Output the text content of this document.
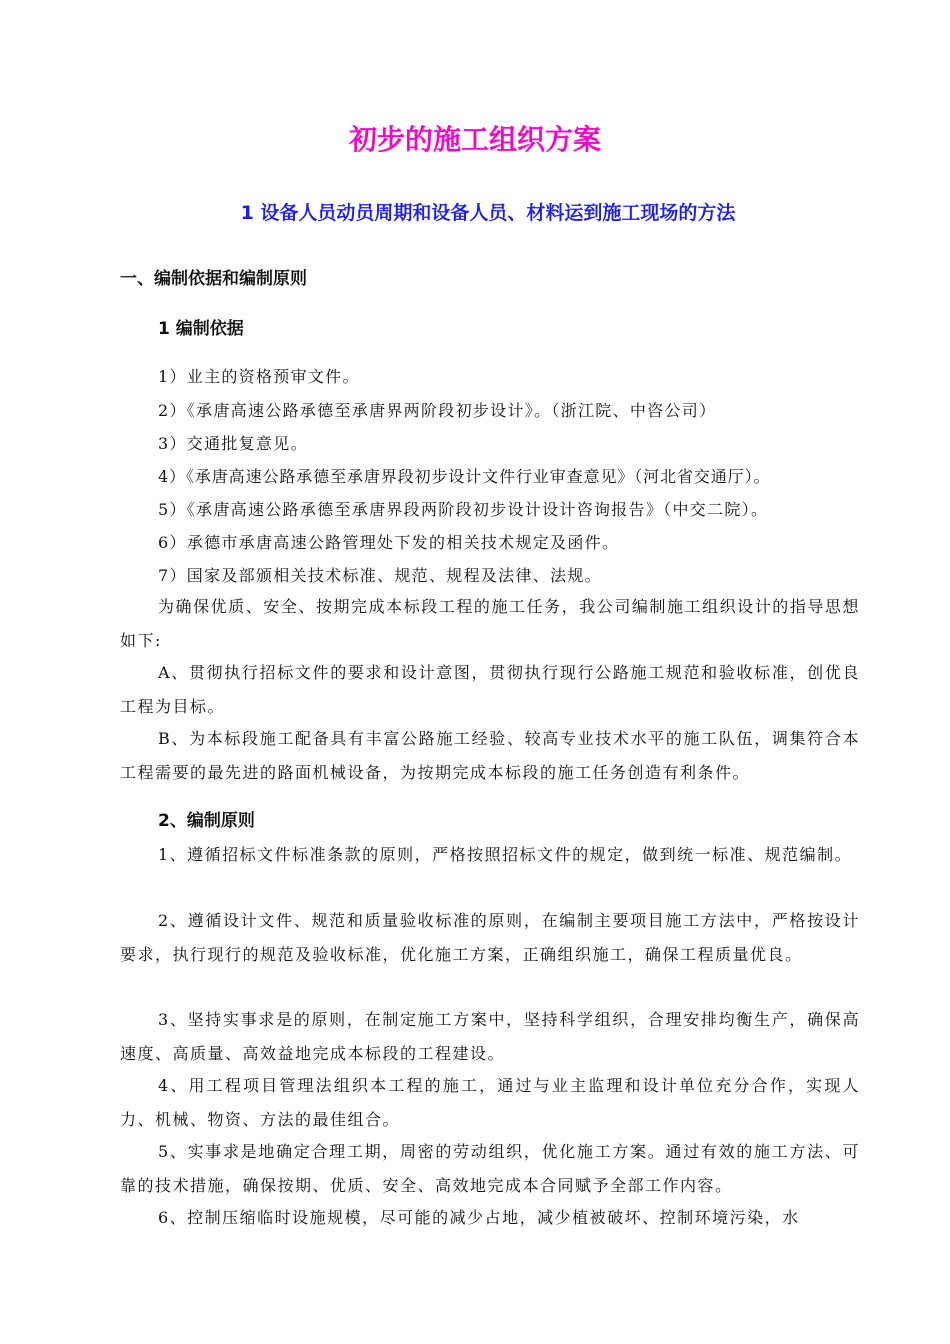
初步的施工组织方案
1 设备人员动员周期和设备人员、材料运到施工现场的方法
一、编制依据和编制原则
1 编制依据
1）业主的资格预审文件。
2）《承唐高速公路承德至承唐界两阶段初步设计》。（浙江院、中咨公司）
3）交通批复意见。
4）《承唐高速公路承德至承唐界段初步设计文件行业审查意见》（河北省交通厅）。
5）《承唐高速公路承德至承唐界段两阶段初步设计设计咨询报告》（中交二院）。
6）承德市承唐高速公路管理处下发的相关技术规定及函件。
7）国家及部颁相关技术标准、规范、规程及法律、法规。
为确保优质、安全、按期完成本标段工程的施工任务，我公司编制施工组织设计的指导思想如下:
A、贯彻执行招标文件的要求和设计意图，贯彻执行现行公路施工规范和验收标准，创优良工程为目标。
B、为本标段施工配备具有丰富公路施工经验、较高专业技术水平的施工队伍，调集符合本工程需要的最先进的路面机械设备，为按期完成本标段的施工任务创造有利条件。
2、编制原则
1、遵循招标文件标准条款的原则，严格按照招标文件的规定，做到统一标准、规范编制。
2、遵循设计文件、规范和质量验收标准的原则，在编制主要项目施工方法中，严格按设计要求，执行现行的规范及验收标准，优化施工方案，正确组织施工，确保工程质量优良。
3、坚持实事求是的原则，在制定施工方案中，坚持科学组织，合理安排均衡生产，确保高速度、高质量、高效益地完成本标段的工程建设。
4、用工程项目管理法组织本工程的施工，通过与业主监理和设计单位充分合作，实现人力、机械、物资、方法的最佳组合。
5、实事求是地确定合理工期，周密的劳动组织，优化施工方案。通过有效的施工方法、可靠的技术措施，确保按期、优质、安全、高效地完成本合同赋予全部工作内容。
6、控制压缩临时设施规模，尽可能的减少占地，减少植被破坏、控制环境污染，水
